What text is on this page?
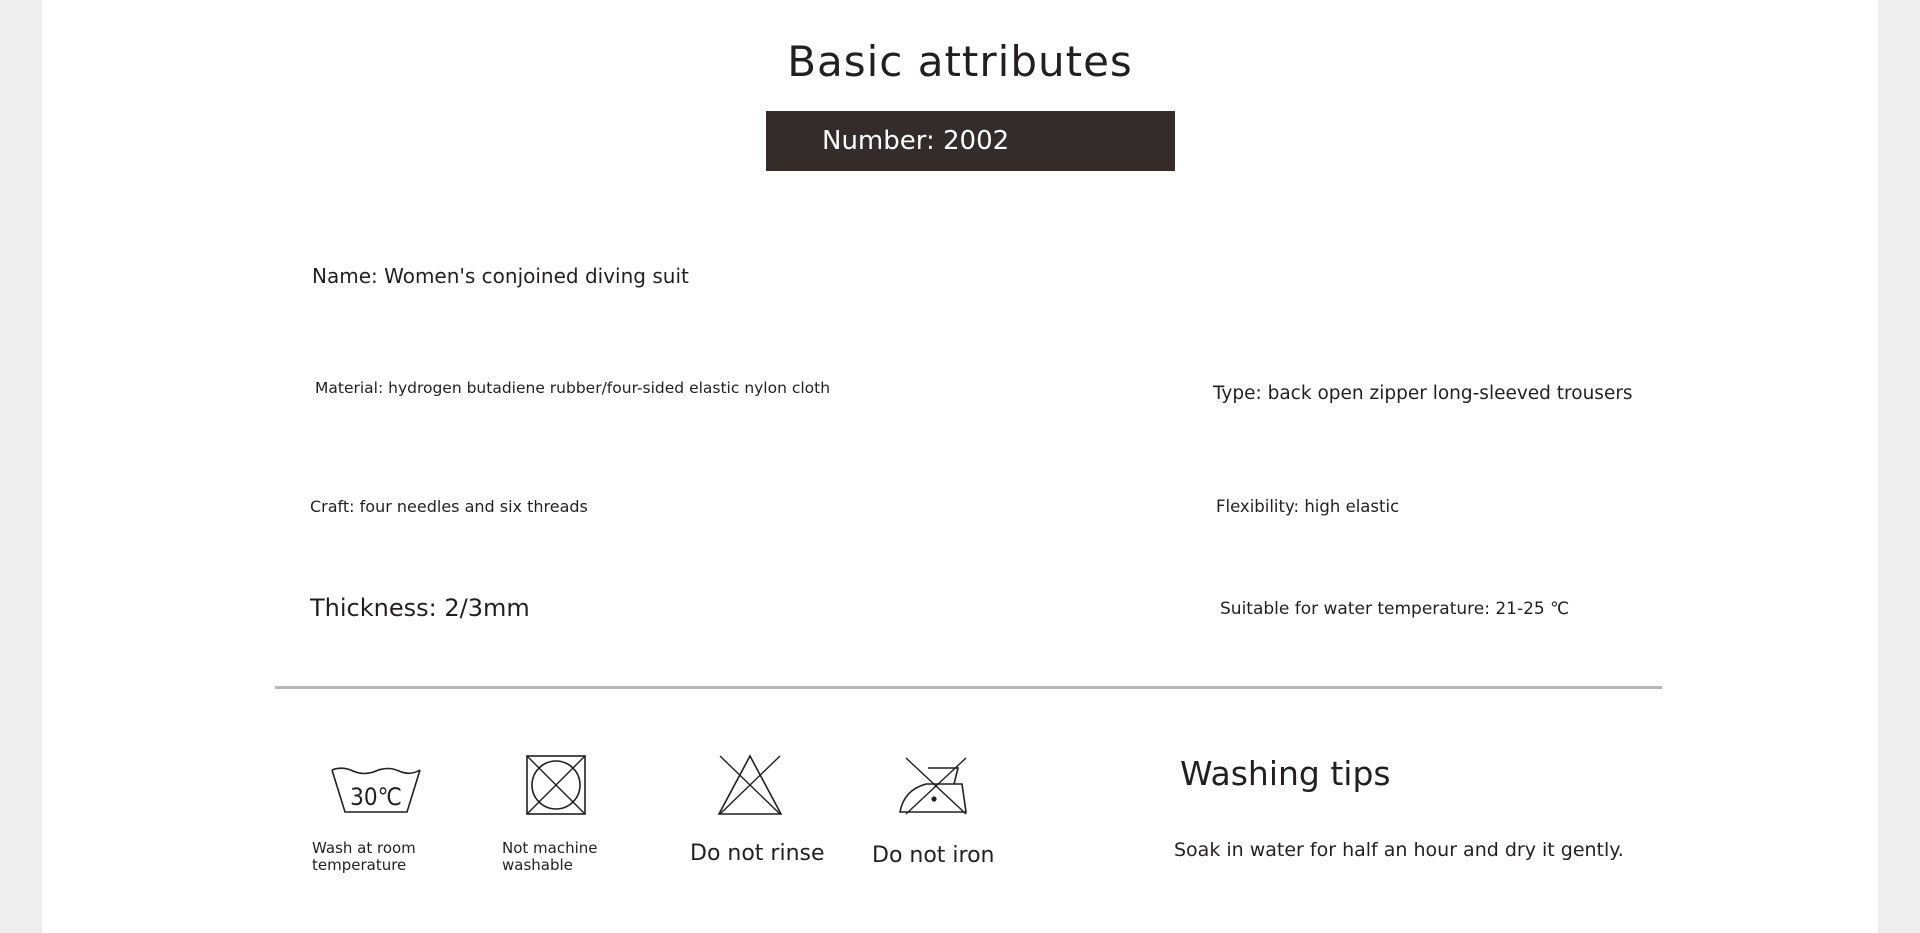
Basic attributes
Number: 2002
Name: Women's conjoined diving suit
Material: hydrogen butadiene rubber/four-sided elastic nylon cloth	Type: back open zipper long-sleeved trousers
Craft: four needles and six threads	Flexibility: high elastic
Thickness: 2/3mm	Suitable for water temperature: 21-25 ℃
30℃
Wash at room
temperature
Not machine
washable	Do not rinse Do not iron
Washing tips
Soak in water for half an hour and dry it gently.
